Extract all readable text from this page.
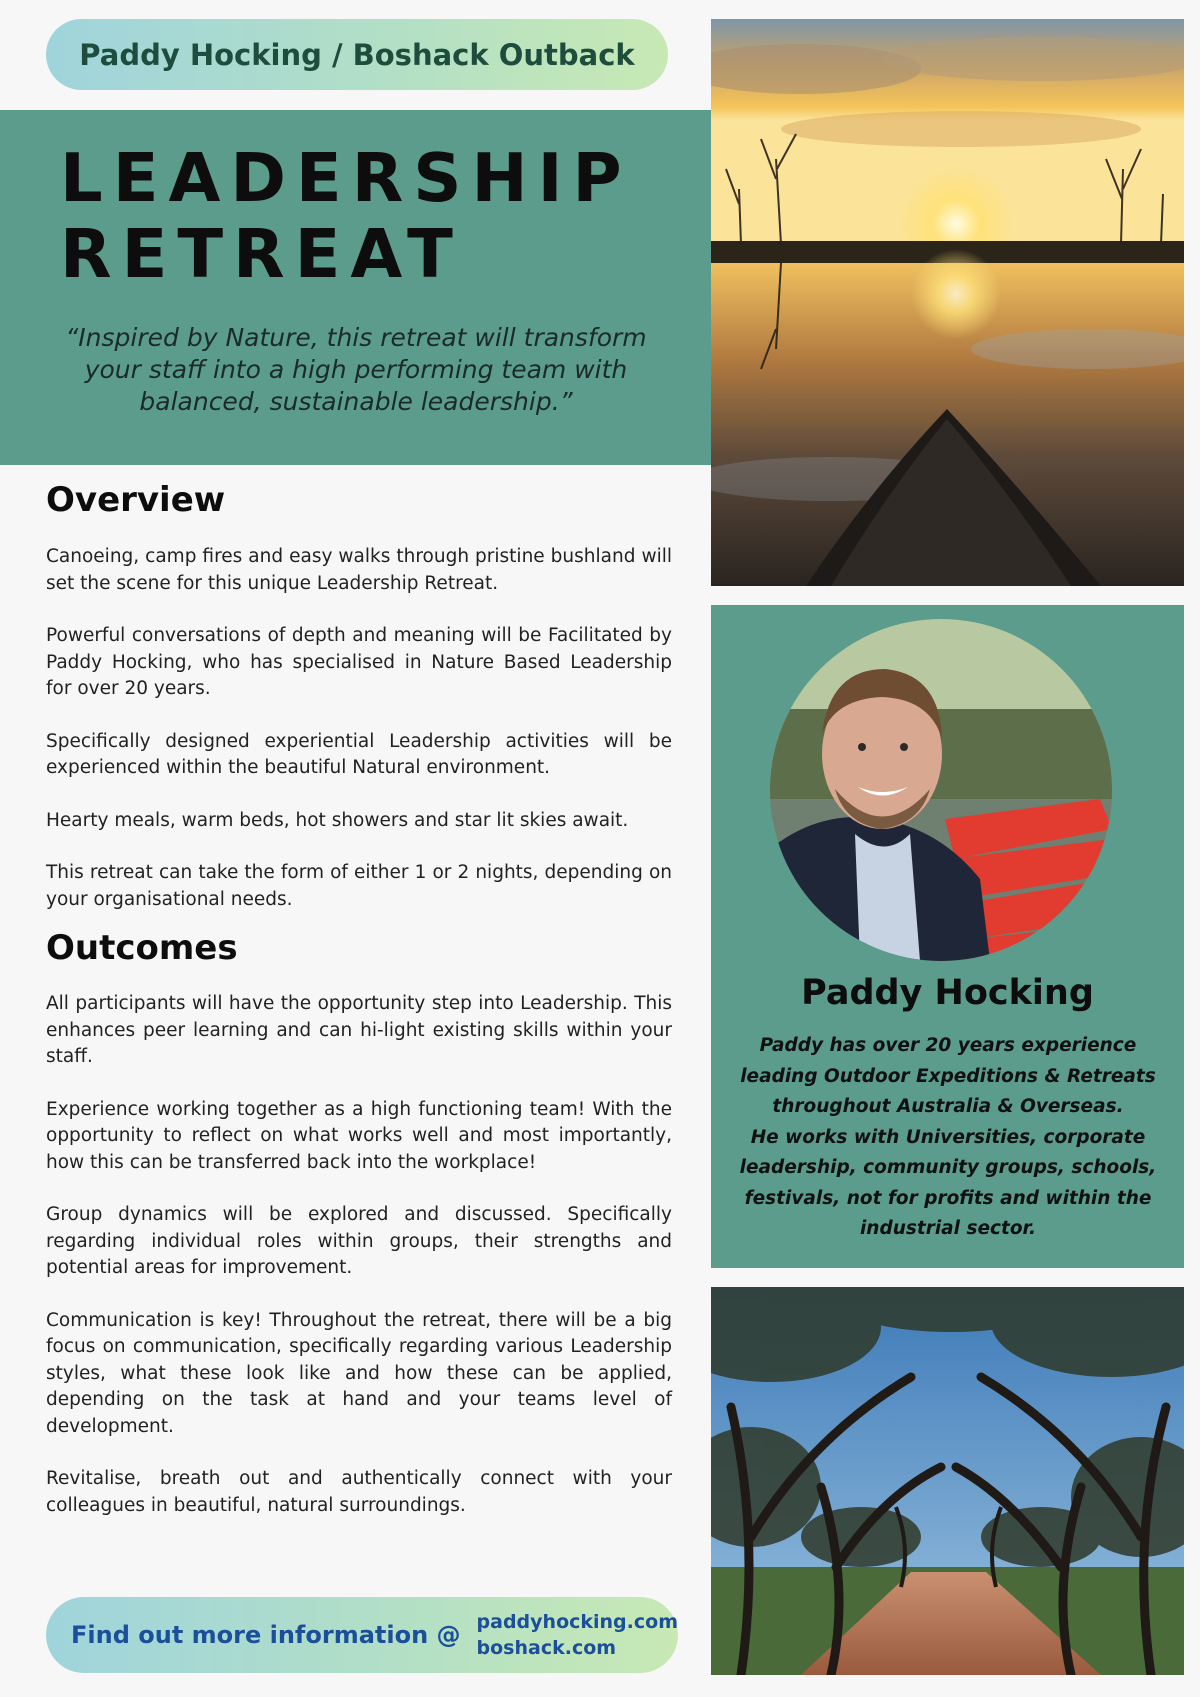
Paddy Hocking / Boshack Outback
LEADERSHIP
RETREAT
“Inspired by Nature, this retreat will transform your staff into a high performing team with balanced, sustainable leadership.”
Overview

Canoeing, camp fires and easy walks through pristine bushland will set the scene for this unique Leadership Retreat.

Powerful conversations of depth and meaning will be Facilitated by Paddy Hocking, who has specialised in Nature Based Leadership for over 20 years.

Specifically designed experiential Leadership activities will be experienced within the beautiful Natural environment.

Hearty meals, warm beds, hot showers and star lit skies await.

This retreat can take the form of either 1 or 2 nights, depending on your organisational needs.

Outcomes

All participants will have the opportunity step into Leadership. This enhances peer learning and can hi-light existing skills within your staff.

Experience working together as a high functioning team! With the opportunity to reflect on what works well and most importantly, how this can be transferred back into the workplace!

Group dynamics will be explored and discussed. Specifically regarding individual roles within groups, their strengths and potential areas for improvement.

Communication is key! Throughout the retreat, there will be a big focus on communication, specifically regarding various Leadership styles, what these look like and how these can be applied, depending on the task at hand and your teams level of development.

Revitalise, breath out and authentically connect with your colleagues in beautiful, natural surroundings.

Find out more information @ paddyhocking.com
boshack.com
Paddy Hocking
Paddy has over 20 years experience leading Outdoor Expeditions & Retreats throughout Australia & Overseas.
He works with Universities, corporate leadership, community groups, schools, festivals, not for profits and within the industrial sector.
